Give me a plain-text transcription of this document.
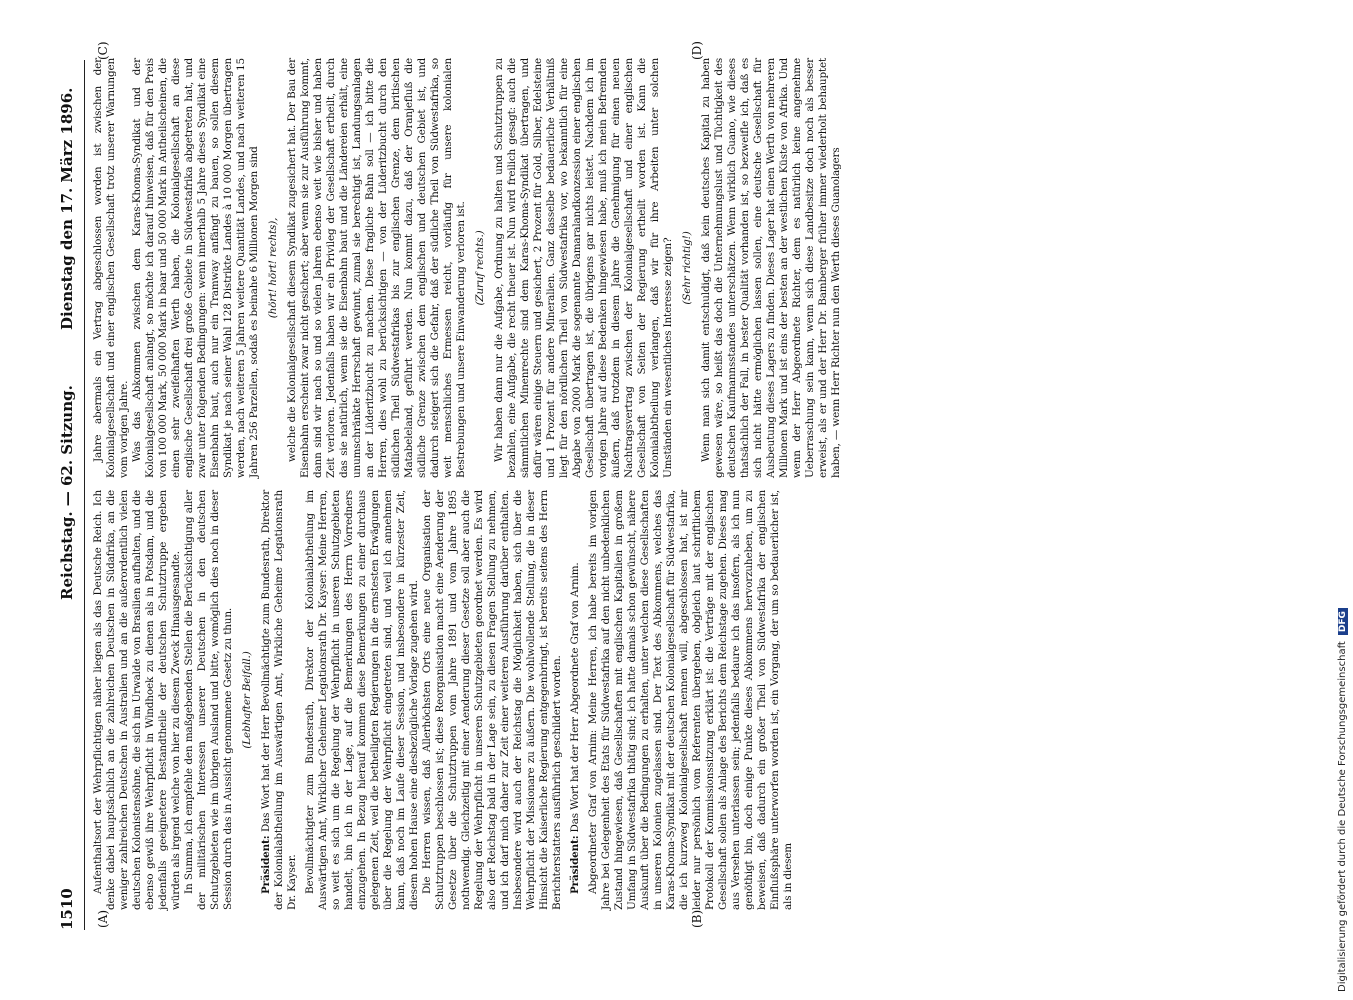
1510
Reichstag. — 62. Sitzung.
Dienstag den 17. März 1896.
(A)	(B)
(C)	(D)

Aufenthaltsort der Wehrpflichtigen näher liegen als das Deutsche Reich. Ich denke dabei hauptsächlich an die zahlreichen Deutschen in Südafrika, an die weniger zahlreichen Deutschen in Australien und an die außerordentlich vielen deutschen Kolonistensöhne, die sich im Urwalde von Brasilien aufhalten, und die ebenso gewiß ihre Wehrpflicht in Windhoek zu dienen als in Potsdam, und die jedenfalls geeignetere Bestandtheile der deutschen Schutztruppe ergeben würden als irgend welche von hier zu diesem Zweck Hinausgesandte. In Summa, ich empfehle den maßgebenden Stellen die Berücksichtigung aller der militärischen Interessen unserer Deutschen in den deutschen Schutzgebieten wie im übrigen Ausland und bitte, womöglich dies noch in dieser Session durch das in Aussicht genommene Gesetz zu thun. (Lebhafter Beifall.)

Präsident: Das Wort hat der Herr Bevollmächtigte zum Bundesrath, Direktor der Kolonialabtheilung im Auswärtigen Amt, Wirkliche Geheime Legationsrath Dr. Kayser. Bevollmächtigter zum Bundesrath, Direktor der Kolonialabtheilung im Auswärtigen Amt, Wirklicher Geheimer Legationsrath Dr. Kayser: Meine Herren, so weit es sich um die Regelung der Wehrpflicht in unseren Schutzgebieten handelt, bin ich in der Lage, auf die Bemerkungen des Herrn Vorredners einzugehen. In Bezug hierauf kommen diese Bemerkungen zu einer durchaus gelegenen Zeit, weil die betheiligten Regierungen in die ernstesten Erwägungen über die Regelung der Wehrpflicht eingetreten sind, und weil ich annehmen kann, daß noch im Laufe dieser Session, und insbesondere in kürzester Zeit, diesem hohen Hause eine diesbezügliche Vorlage zugehen wird. Die Herren wissen, daß Allerhöchsten Orts eine neue Organisation der Schutztruppen beschlossen ist; diese Reorganisation macht eine Aenderung der Gesetze über die Schutztruppen vom Jahre 1891 und vom Jahre 1895 nothwendig. Gleichzeitig mit einer Aenderung dieser Gesetze soll aber auch die Regelung der Wehrpflicht in unseren Schutzgebieten geordnet werden. Es wird also der Reichstag bald in der Lage sein, zu diesen Fragen Stellung zu nehmen, und ich darf mich daher zur Zeit einer weiteren Ausführung darüber enthalten. Insbesondere wird auch der Reichstag die Möglichkeit haben, sich über die Wehrpflicht der Missionare zu äußern. Die wohlwollende Stellung, die in dieser Hinsicht die Kaiserliche Regierung entgegenbringt, ist bereits seitens des Herrn Berichterstatters ausführlich geschildert worden. Präsident: Das Wort hat der Herr Abgeordnete Graf von Arnim. Abgeordneter Graf von Arnim: Meine Herren, ich habe bereits im vorigen Jahre bei Gelegenheit des Etats für Südwestafrika auf den nicht unbedenklichen Zustand hingewiesen, daß Gesellschaften mit englischen Kapitalien in großem Umfang in Südwestafrika thätig sind; ich hatte damals schon gewünscht, nähere Auskunft über die Bedingungen zu erhalten, unter welchen diese Gesellschaften in unseren Kolonien zugelassen sind. Der Text des Abkommens, welches das Karas-Khoma-Syndikat mit der deutschen Kolonialgesellschaft für Südwestafrika, die ich kurzweg Kolonialgesellschaft nennen will, abgeschlossen hat, ist mir leider nur persönlich vom Referenten übergeben, obgleich laut schriftlichem Protokoll der Kommissionssitzung erklärt ist: die Verträge mit der englischen Gesellschaft sollen als Anlage des Berichts dem Reichstage zugehen. Dieses mag aus Versehen unterlassen sein; jedenfalls bedaure ich das insofern, als ich nun genöthigt bin, doch einige Punkte dieses Abkommens hervorzuheben, um zu beweisen, daß dadurch ein großer Theil von Südwestafrika der englischen Einflußsphäre unterworfen worden ist, ein Vorgang, der um so bedauerlicher ist, als in diesem

Jahre abermals ein Vertrag abgeschlossen worden ist zwischen der Kolonialgesellschaft und einer englischen Gesellschaft trotz unserer Warnungen vom vorigen Jahre. Was das Abkommen zwischen dem Karas-Khoma-Syndikat und der Kolonialgesellschaft anlangt, so möchte ich darauf hinweisen, daß für den Preis von 100 000 Mark, 50 000 Mark in baar und 50 000 Mark in Antheilscheinen, die einen sehr zweifelhaften Werth haben, die Kolonialgesellschaft an diese englische Gesellschaft drei große Gebiete in Südwestafrika abgetreten hat, und zwar unter folgenden Bedingungen: wenn innerhalb 5 Jahre dieses Syndikat eine Eisenbahn baut, auch nur ein Tramway anfängt zu bauen, so sollen diesem Syndikat je nach seiner Wahl 128 Distrikte Landes à 10 000 Morgen übertragen werden, nach weiteren 5 Jahren weitere Quantität Landes, und nach weiteren 15 Jahren 256 Parzellen, sodaß es beinahe 6 Millionen Morgen sind (hört! hört! rechts), welche die Kolonialgesellschaft diesem Syndikat zugesichert hat. Der Bau der Eisenbahn erscheint zwar nicht gesichert; aber wenn sie zur Ausführung kommt, dann sind wir nach so und so vielen Jahren ebenso weit wie bisher und haben Zeit verloren. Jedenfalls haben wir ein Privileg der Gesellschaft ertheilt, durch das sie natürlich, wenn sie die Eisenbahn baut und die Ländereien erhält, eine unumschränkte Herrschaft gewinnt, zumal sie berechtigt ist, Landungsanlagen an der Lüderitzbucht zu machen. Diese fragliche Bahn soll — ich bitte die Herren, dies wohl zu berücksichtigen — von der Lüderitzbucht durch den südlichen Theil Südwestafrikas bis zur englischen Grenze, dem britischen Matabeleland, geführt werden. Nun kommt dazu, daß der Oranjefluß die südliche Grenze zwischen dem englischen und deutschen Gebiet ist, und dadurch steigert sich die Gefahr, daß der südliche Theil von Südwestafrika, so weit menschliches Ermessen reicht, vorläufig für unsere kolonialen Bestrebungen und unsere Einwanderung verloren ist. (Zuruf rechts.) Wir haben dann nur die Aufgabe, Ordnung zu halten und Schutztruppen zu bezahlen, eine Aufgabe, die recht theuer ist. Nun wird freilich gesagt: auch die sämmtlichen Minenrechte sind dem Karas-Khoma-Syndikat übertragen, und dafür wären einige Steuern und gesichert, 2 Prozent für Gold, Silber, Edelsteine und 1 Prozent für andere Mineralien. Ganz dasselbe bedauerliche Verhältniß liegt für den nördlichen Theil von Südwestafrika vor, wo bekanntlich für eine Abgabe von 2000 Mark die sogenannte Damaralandkonzession einer englischen Gesellschaft übertragen ist, die übrigens gar nichts leistet. Nachdem ich im vorigen Jahre auf diese Bedenken hingewiesen habe, muß ich mein Befremden äußern, daß trotzdem in diesem Jahre die Genehmigung für einen neuen Nachtragsvertrag zwischen der Kolonialgesellschaft und einer englischen Gesellschaft von Seiten der Regierung ertheilt worden ist. Kann die Kolonialabtheilung verlangen, daß wir für ihre Arbeiten unter solchen Umständen ein wesentliches Interesse zeigen? (Sehr richtig!) Wenn man sich damit entschuldigt, daß kein deutsches Kapital zu haben gewesen wäre, so heißt das doch die Unternehmungslust und Tüchtigkeit des deutschen Kaufmannsstandes unterschätzen. Wenn wirklich Guano, wie dieses thatsächlich der Fall, in bester Qualität vorhanden ist, so bezweifle ich, daß es sich nicht hätte ermöglichen lassen sollen, eine deutsche Gesellschaft für Ausbeutung dieses Lagers zu finden. Dieses Lager hat einen Werth von mehreren Millionen Mark und ist eins der besten an der westlichen Küste von Afrika. Und wenn der Herr Abgeordnete Richter, dem es natürlich keine angenehme Ueberraschung sein kann, wenn sich diese Landbesitze doch noch als besser erweist, als er und der Herr Dr. Bamberger früher immer wiederholt behauptet haben, — wenn Herr Richter nun den Werth dieses Guanolagers

Digitalisierung gefördert durch die Deutsche ForschungsgemeinschaftDFG
